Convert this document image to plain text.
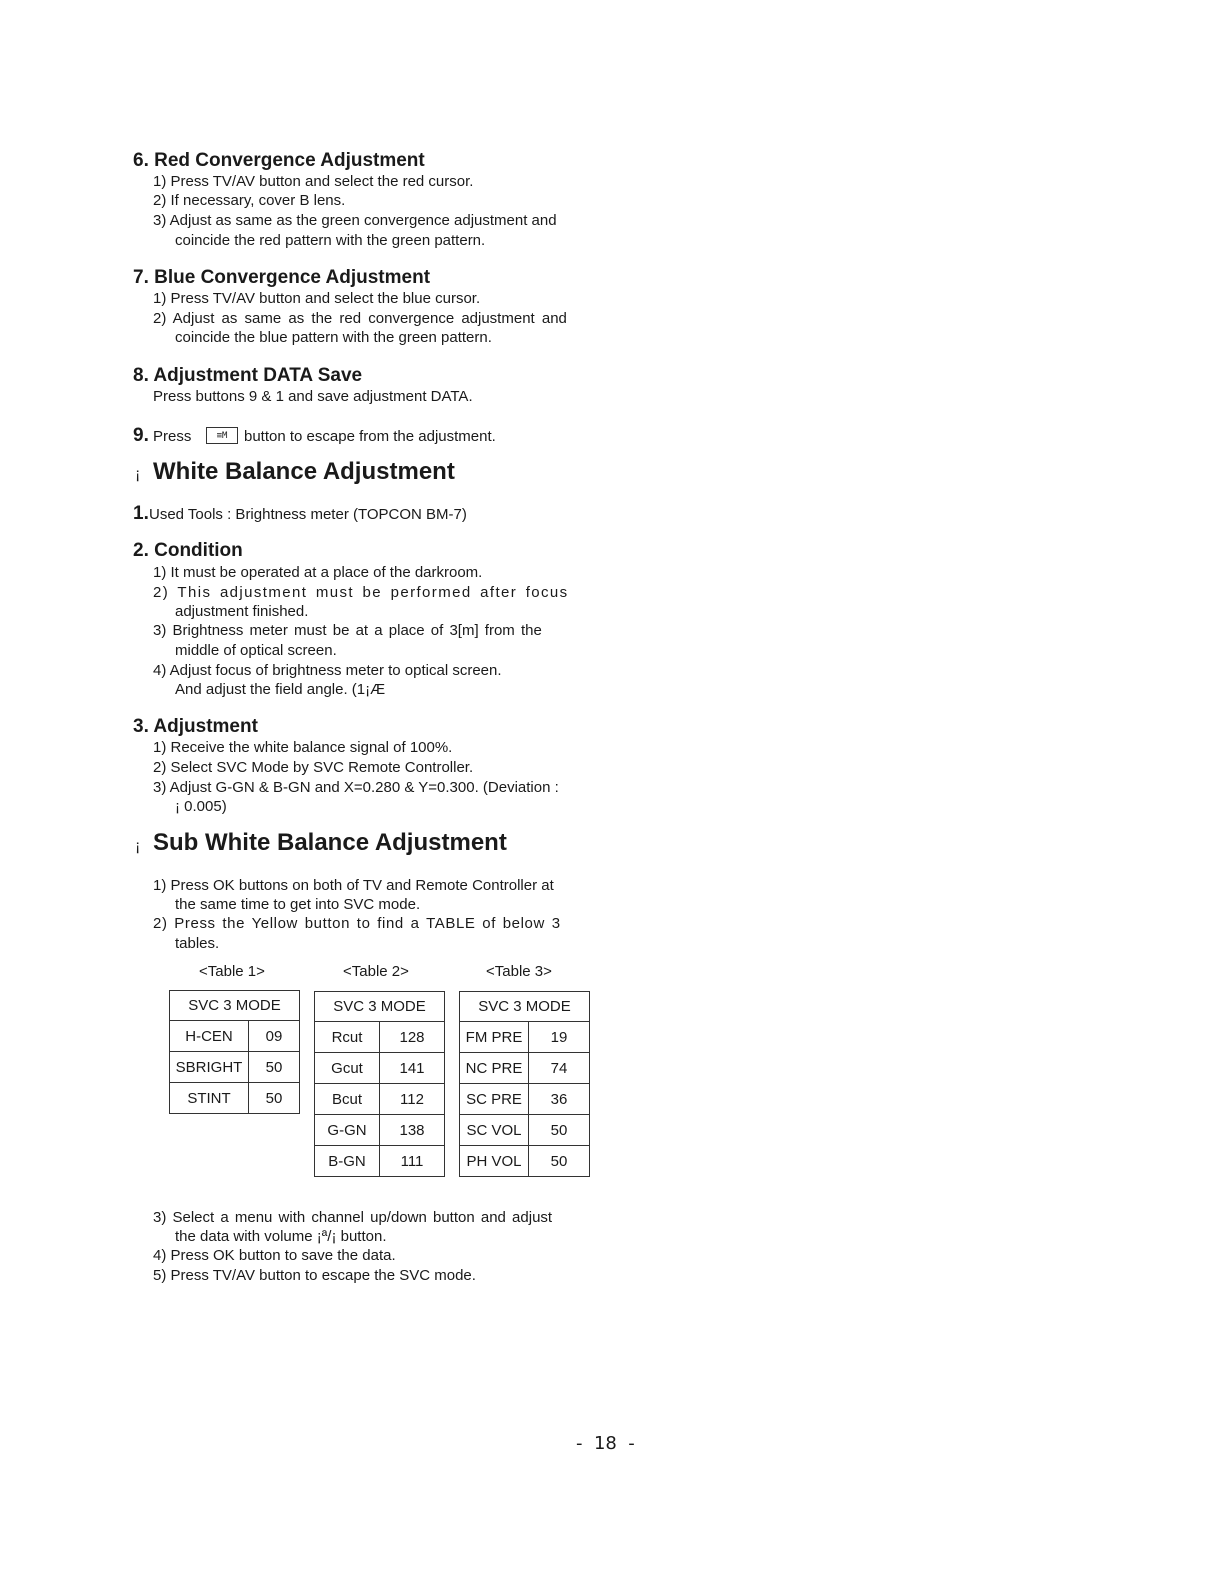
6. Red Convergence Adjustment
1) Press TV/AV button and select the red cursor.
2) If necessary, cover B lens.
3) Adjust as same as the green convergence adjustment and
coincide the red pattern with the green pattern.
7. Blue Convergence Adjustment
1) Press TV/AV button and select the blue cursor.
2) Adjust as same as the red convergence adjustment and
coincide the blue pattern with the green pattern.
8. Adjustment DATA Save
Press buttons 9 & 1 and save adjustment DATA.
9. Press	≡M	button to escape from the adjustment.
¡ White Balance Adjustment
1. Used Tools : Brightness meter (TOPCON BM-7)
2. Condition
1) It must be operated at a place of the darkroom.
2) This adjustment must be performed after focus
adjustment finished.
3) Brightness meter must be at a place of 3[m] from the
middle of optical screen.
4) Adjust focus of brightness meter to optical screen.
And adjust the field angle. (1¡Æ
3. Adjustment
1) Receive the white balance signal of 100%.
2) Select SVC Mode by SVC Remote Controller.
3) Adjust G-GN & B-GN and X=0.280 & Y=0.300. (Deviation :
¡ 0.005)
¡ Sub White Balance Adjustment
1) Press OK buttons on both of TV and Remote Controller at
the same time to get into SVC mode.
2) Press the Yellow button to find a TABLE of below 3
tables.
<Table 1>	<Table 2>	<Table 3>
SVC 3 MODE	
H-CEN	09
SBRIGHT	50
STINT	50
SVC 3 MODE	
Rcut	128
Gcut	141
Bcut	112
G-GN	138
B-GN	111
SVC 3 MODE	
FM PRE	19
NC PRE	74
SC PRE	36
SC VOL	50
PH VOL	50
3) Select a menu with channel up/down button and adjust
the data with volume ¡ª/¡ button.
4) Press OK button to save the data.
5) Press TV/AV button to escape the SVC mode.
-  18  -
